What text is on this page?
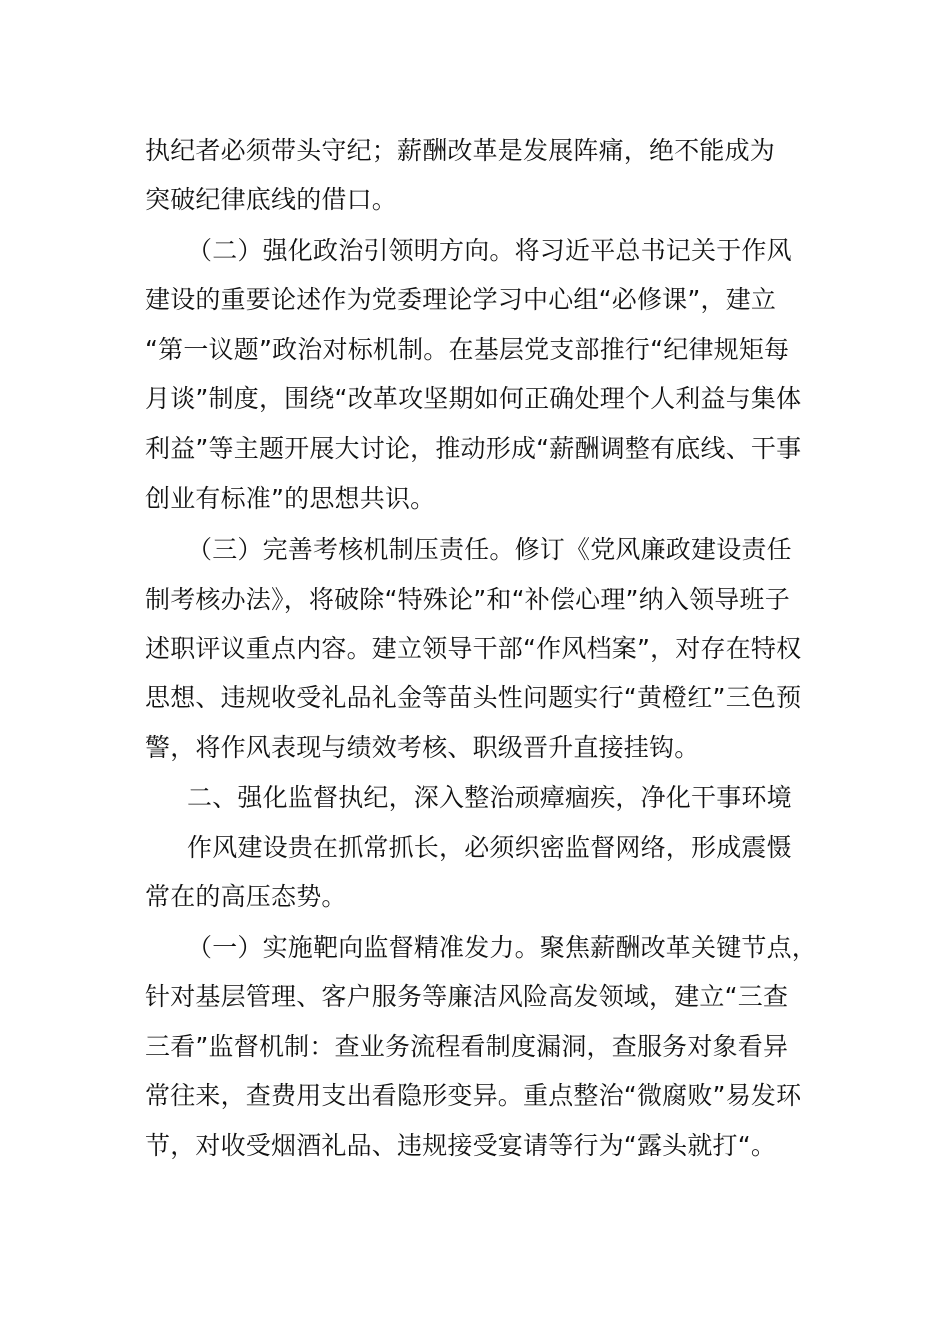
执纪者必须带头守纪；薪酬改革是发展阵痛，绝不能成为
突破纪律底线的借口。
（二）强化政治引领明方向。将习近平总书记关于作风
建设的重要论述作为党委理论学习中心组“必修课”，建立
“第一议题”政治对标机制。在基层党支部推行“纪律规矩每
月谈”制度，围绕“改革攻坚期如何正确处理个人利益与集体
利益”等主题开展大讨论，推动形成“薪酬调整有底线、干事
创业有标准”的思想共识。
（三）完善考核机制压责任。修订《党风廉政建设责任
制考核办法》，将破除“特殊论”和“补偿心理”纳入领导班子
述职评议重点内容。建立领导干部“作风档案”，对存在特权
思想、违规收受礼品礼金等苗头性问题实行“黄橙红”三色预
警，将作风表现与绩效考核、职级晋升直接挂钩。
二、强化监督执纪，深入整治顽瘴痼疾，净化干事环境
作风建设贵在抓常抓长，必须织密监督网络，形成震慑
常在的高压态势。
（一）实施靶向监督精准发力。聚焦薪酬改革关键节点，
针对基层管理、客户服务等廉洁风险高发领域，建立“三查
三看”监督机制：查业务流程看制度漏洞，查服务对象看异
常往来，查费用支出看隐形变异。重点整治“微腐败”易发环
节，对收受烟酒礼品、违规接受宴请等行为“露头就打“。
